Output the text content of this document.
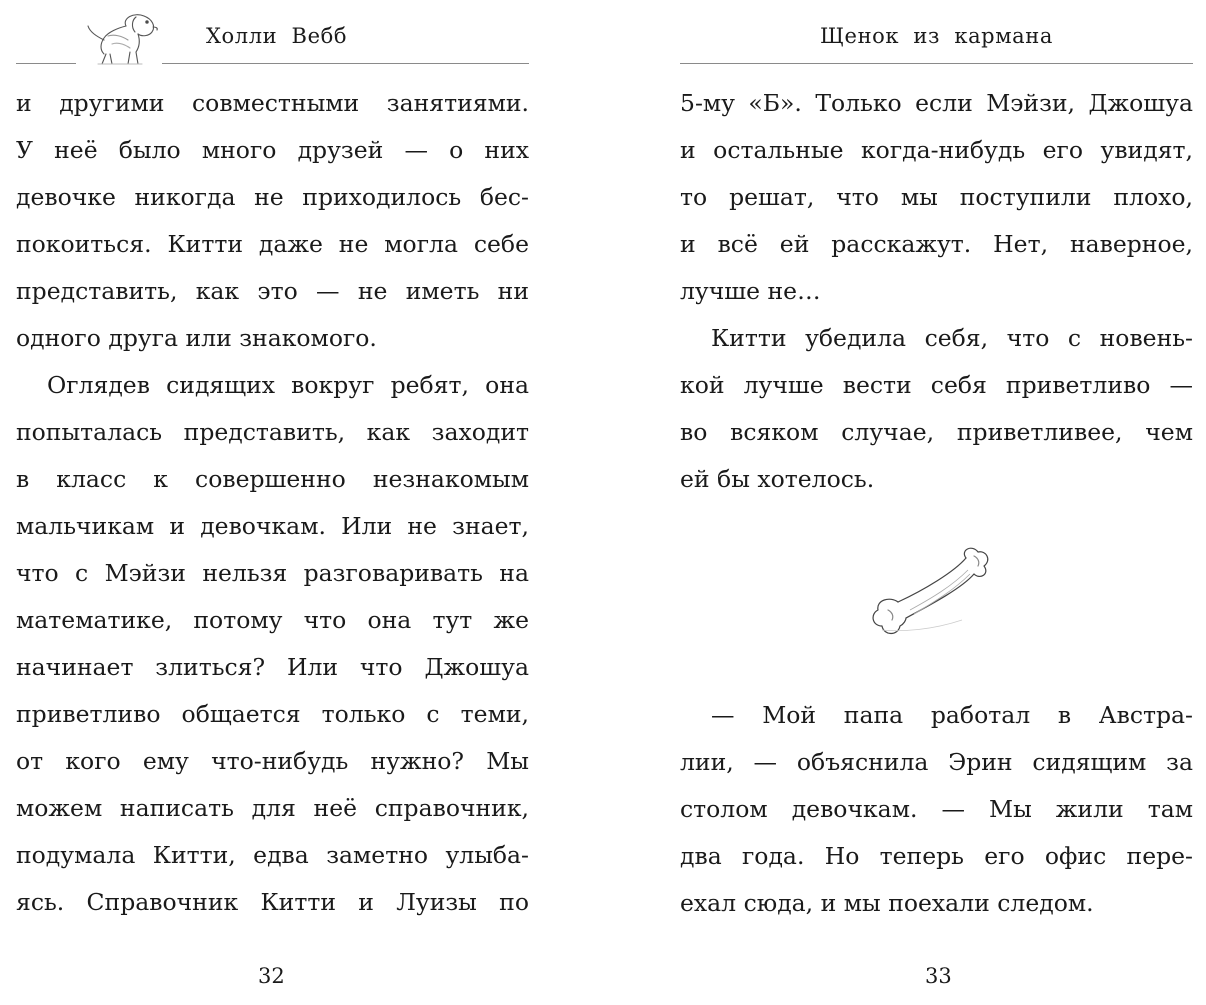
Холли Вебб
и другими совместными занятиями.
У неё было много друзей — о них
девочке никогда не приходилось бес-
покоиться. Китти даже не могла себе
представить, как это — не иметь ни
одного друга или знакомого.
Оглядев сидящих вокруг ребят, она
попыталась представить, как заходит
в класс к совершенно незнакомым
мальчикам и девочкам. Или не знает,
что с Мэйзи нельзя разговаривать на
математике, потому что она тут же
начинает злиться? Или что Джошуа
приветливо общается только с теми,
от кого ему что-нибудь нужно? Мы
можем написать для неё справочник,
подумала Китти, едва заметно улыба-
ясь. Справочник Китти и Луизы по
32
Щенок из кармана
5-му «Б». Только если Мэйзи, Джошуа
и остальные когда-нибудь его увидят,
то решат, что мы поступили плохо,
и всё ей расскажут. Нет, наверное,
лучше не…
Китти убедила себя, что с новень-
кой лучше вести себя приветливо —
во всяком случае, приветливее, чем
ей бы хотелось.
— Мой папа работал в Австра-
лии, — объяснила Эрин сидящим за
столом девочкам. — Мы жили там
два года. Но теперь его офис пере-
ехал сюда, и мы поехали следом.
33
